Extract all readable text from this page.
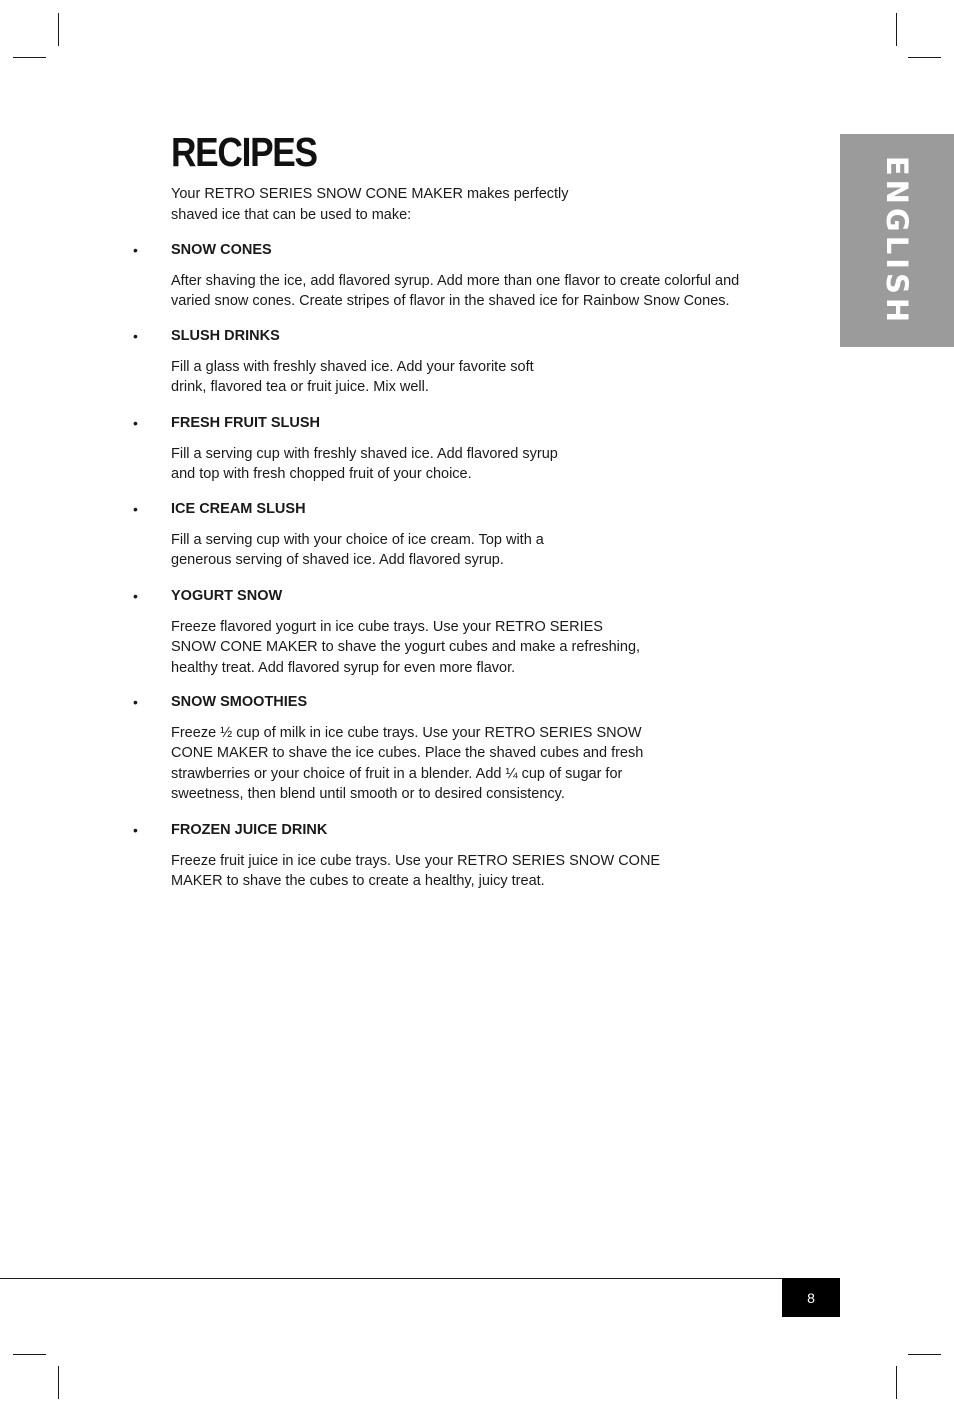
ENGLISH
RECIPES

Your RETRO SERIES SNOW CONE MAKER makes perfectly
shaved ice that can be used to make:

• SNOW CONES

After shaving the ice, add flavored syrup. Add more than one flavor to create colorful and
varied snow cones. Create stripes of flavor in the shaved ice for Rainbow Snow Cones.

• SLUSH DRINKS

Fill a glass with freshly shaved ice. Add your favorite soft
drink, flavored tea or fruit juice. Mix well.

• FRESH FRUIT SLUSH

Fill a serving cup with freshly shaved ice. Add flavored syrup
and top with fresh chopped fruit of your choice.

• ICE CREAM SLUSH

Fill a serving cup with your choice of ice cream. Top with a
generous serving of shaved ice. Add flavored syrup.

• YOGURT SNOW

Freeze flavored yogurt in ice cube trays. Use your RETRO SERIES
SNOW CONE MAKER to shave the yogurt cubes and make a refreshing,
healthy treat. Add flavored syrup for even more flavor.

• SNOW SMOOTHIES

Freeze ½ cup of milk in ice cube trays. Use your RETRO SERIES SNOW
CONE MAKER to shave the ice cubes. Place the shaved cubes and fresh
strawberries or your choice of fruit in a blender. Add ¼ cup of sugar for
sweetness, then blend until smooth or to desired consistency.

• FROZEN JUICE DRINK

Freeze fruit juice in ice cube trays. Use your RETRO SERIES SNOW CONE
MAKER to shave the cubes to create a healthy, juicy treat.

8
